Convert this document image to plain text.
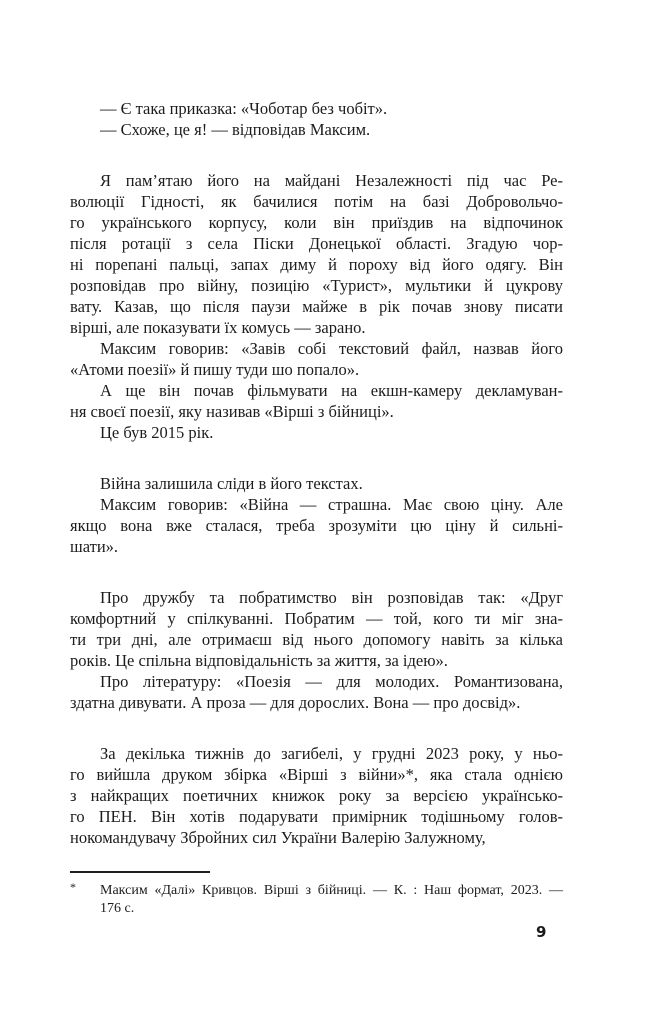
— Є така приказка: «Чоботар без чобіт».
— Схоже, це я! — відповідав Максим.
Я пам’ятаю його на майдані Незалежності під час Ре-
волюції Гідності, як бачилися потім на базі Добровольчо-
го українського корпусу, коли він приїздив на відпочинок
після ротації з села Піски Донецької області. Згадую чор-
ні порепані пальці, запах диму й пороху від його одягу. Він
розповідав про війну, позицію «Турист», мультики й цукрову
вату. Казав, що після паузи майже в рік почав знову писати
вірші, але показувати їх комусь — зарано.
Максим говорив: «Завів собі текстовий файл, назвав його
«Атоми поезії» й пишу туди шо попало».
А ще він почав фільмувати на екшн-камеру декламуван-
ня своєї поезії, яку називав «Вірші з бійниці».
Це був 2015 рік.
Війна залишила сліди в його текстах.
Максим говорив: «Війна — страшна. Має свою ціну. Але
якщо вона вже сталася, треба зрозуміти цю ціну й сильні-
шати».
Про дружбу та побратимство він розповідав так: «Друг
комфортний у спілкуванні. Побратим — той, кого ти міг зна-
ти три дні, але отримаєш від нього допомогу навіть за кілька
років. Це спільна відповідальність за життя, за ідею».
Про літературу: «Поезія — для молодих. Романтизована,
здатна дивувати. А проза — для дорослих. Вона — про досвід».
За декілька тижнів до загибелі, у грудні 2023 року, у ньо-
го вийшла друком збірка «Вірші з війни»*, яка стала однією
з найкращих поетичних книжок року за версією українсько-
го ПЕН. Він хотів подарувати примірник тодішньому голов-
нокомандувачу Збройних сил України Валерію Залужному,
* Максим «Далі» Кривцов. Вірші з бійниці. — К. : Наш формат, 2023. —
176 с.
9
